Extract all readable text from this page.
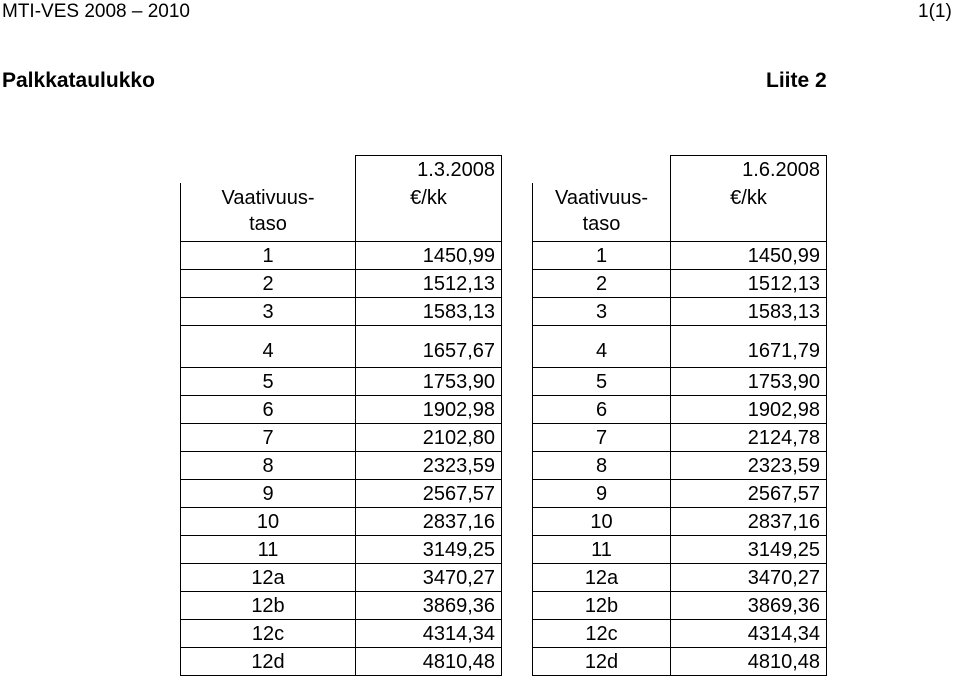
MTI-VES 2008 – 2010	1(1)
Palkkataulukko	Liite 2
	1.3.2008

Vaativuus-
taso	€/kk
1	1450,99
2	1512,13
3	1583,13
4	1657,67
5	1753,90
6	1902,98
7	2102,80
8	2323,59
9	2567,57
10	2837,16
11	3149,25
12a	3470,27
12b	3869,36
12c	4314,34
12d	4810,48
	1.6.2008

Vaativuus-
taso	€/kk
1	1450,99
2	1512,13
3	1583,13
4	1671,79
5	1753,90
6	1902,98
7	2124,78
8	2323,59
9	2567,57
10	2837,16
11	3149,25
12a	3470,27
12b	3869,36
12c	4314,34
12d	4810,48
